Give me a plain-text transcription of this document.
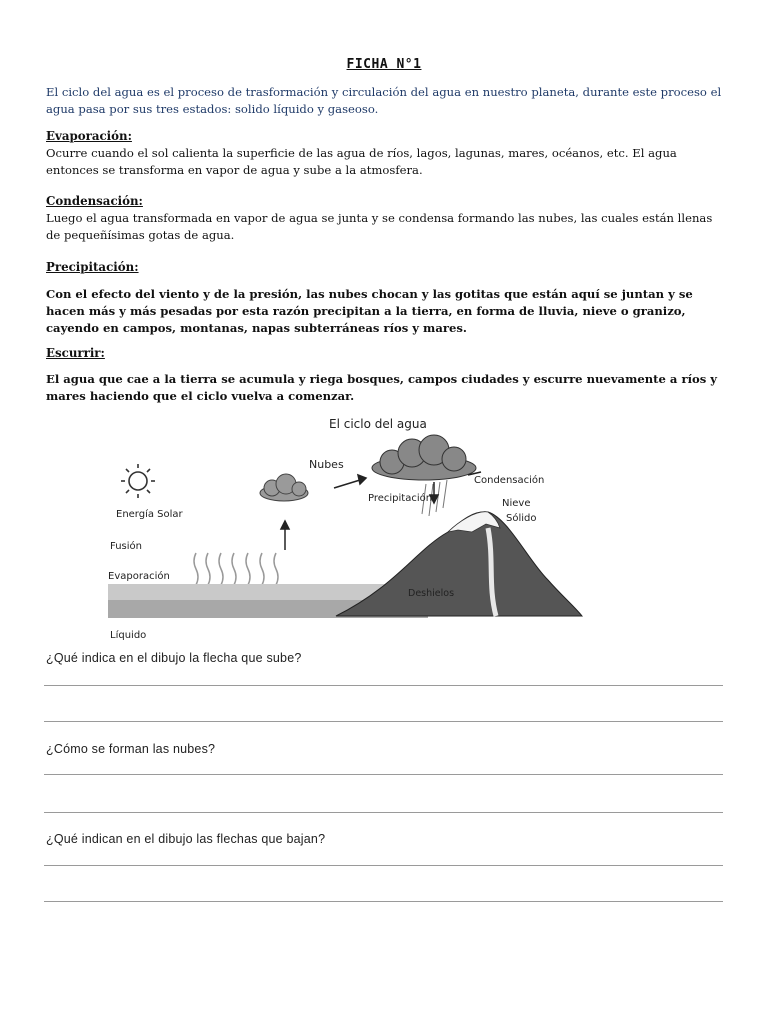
FICHA N°1
El ciclo del agua es el proceso de trasformación y circulación del agua en nuestro planeta, durante este proceso el agua pasa por sus tres estados: solido líquido y gaseoso.
Evaporación:

Ocurre cuando el sol calienta la superficie de las agua de ríos, lagos, lagunas, mares, océanos, etc. El agua entonces se transforma en vapor de agua y sube a la atmosfera.

Condensación:

Luego el agua transformada en vapor de agua se junta y se condensa formando las nubes, las cuales están llenas de pequeñísimas gotas de agua.

Precipitación:

Con el efecto del viento y de la presión, las nubes chocan y las gotitas que están aquí se juntan y se hacen más y más pesadas por esta razón precipitan a la tierra, en forma de lluvia, nieve o granizo, cayendo en campos, montanas, napas subterráneas ríos y mares.

Escurrir:

El agua que cae a la tierra se acumula y riega bosques, campos ciudades y escurre nuevamente a ríos y mares haciendo que el ciclo vuelva a comenzar.

El ciclo del agua
Nubes
Condensación
Precipitación	Nieve
Sólido
Energía Solar
Fusión
Evaporación
Deshielos
Líquido
¿Qué indica en el dibujo la flecha que sube?
¿Cómo se forman las nubes?
¿Qué indican en el dibujo las flechas que bajan?
